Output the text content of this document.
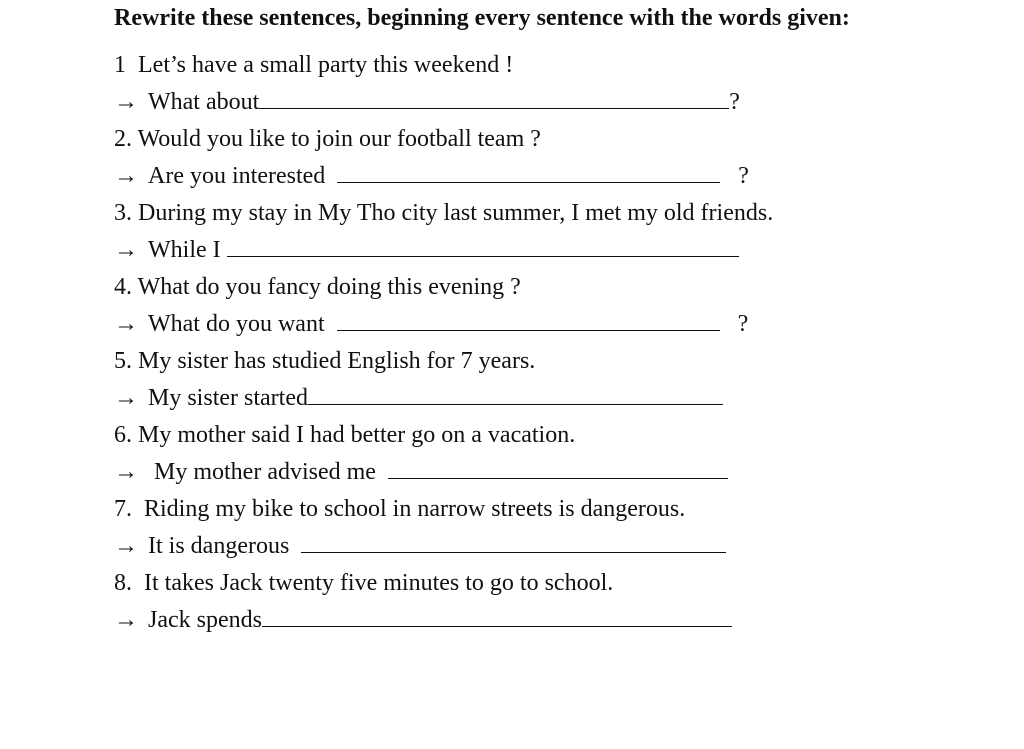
Rewrite these sentences, beginning every sentence with the words given:
1 Let’s have a small party this weekend !
→ What about	?
2. Would you like to join our football team ?
→ Are you interested	?
3. During my stay in My Tho city last summer, I met my old friends.
→ While I
4. What do you fancy doing this evening ?
→ What do you want	?
5. My sister has studied English for 7 years.
→ My sister started
6. My mother said I had better go on a vacation.
→ My mother advised me
7. Riding my bike to school in narrow streets is dangerous.
→ It is dangerous
8. It takes Jack twenty five minutes to go to school.
→ Jack spends
